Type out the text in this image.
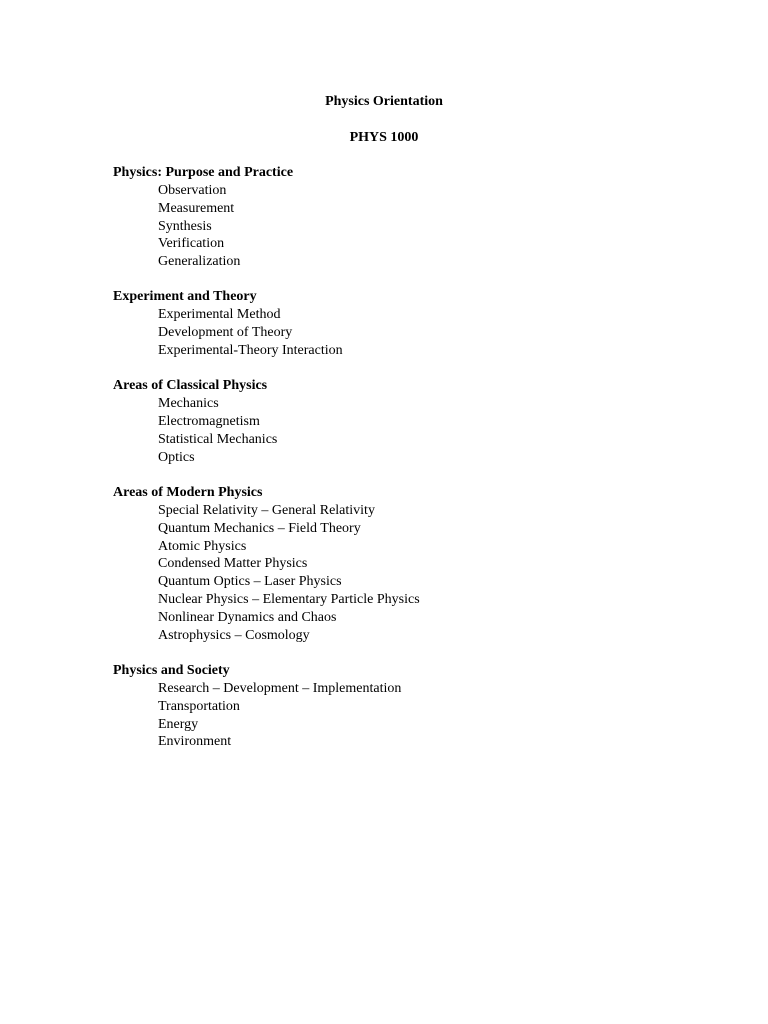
Physics Orientation
PHYS 1000
Physics: Purpose and Practice
Observation
Measurement
Synthesis
Verification
Generalization
Experiment and Theory
Experimental Method
Development of Theory
Experimental-Theory Interaction
Areas of Classical Physics
Mechanics
Electromagnetism
Statistical Mechanics
Optics
Areas of Modern Physics
Special Relativity – General Relativity
Quantum Mechanics – Field Theory
Atomic Physics
Condensed Matter Physics
Quantum Optics – Laser Physics
Nuclear Physics – Elementary Particle Physics
Nonlinear Dynamics and Chaos
Astrophysics – Cosmology
Physics and Society
Research – Development – Implementation
Transportation
Energy
Environment
